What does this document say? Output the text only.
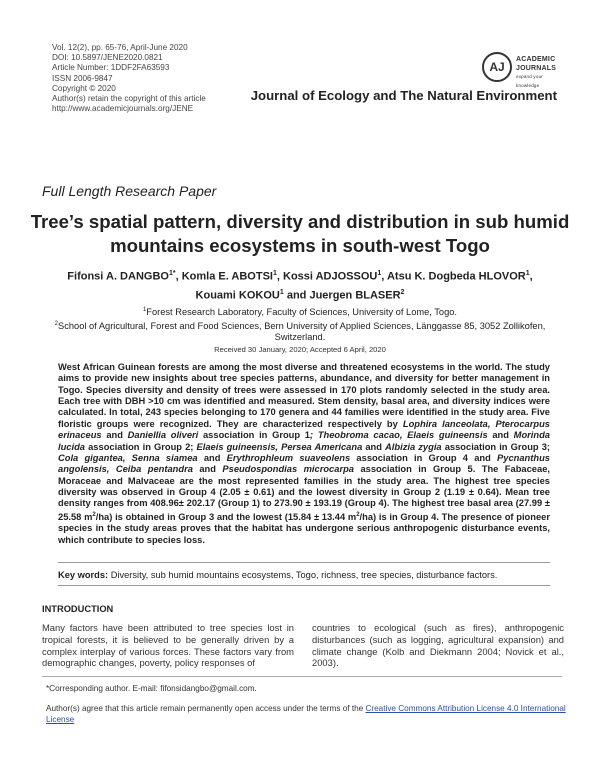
Vol. 12(2), pp. 65-76, April-June 2020
DOI: 10.5897/JENE2020.0821
Article Number: 1DDF2FA63593
ISSN 2006-9847
Copyright © 2020
Author(s) retain the copyright of this article
http://www.academicjournals.org/JENE
AJ
ACADEMIC
JOURNALS
expand your knowledge
Journal of Ecology and The Natural Environment
Full Length Research Paper
Tree’s spatial pattern, diversity and distribution in sub humid mountains ecosystems in south-west Togo
Fifonsi A. $DANGBO^{1*}$, Komla E. ABOTSI$^1$, Kossi ADJOSSOU$^1$, Atsu K. Dogbeda HLOVOR$^1$,
Kouami KOKOU$^1$ and Juergen BLASER$^2$
$^1$Forest Research Laboratory, Faculty of Sciences, University of Lome, Togo.
$^2$School of Agricultural, Forest and Food Sciences, Bern University of Applied Sciences, Länggasse 85, 3052 Zollikofen, Switzerland.
Received 30 January, 2020; Accepted 6 April, 2020
West African Guinean forests are among the most diverse and threatened ecosystems in the world. The study aims to provide new insights about tree species patterns, abundance, and diversity for better management in Togo. Species diversity and density of trees were assessed in 170 plots randomly selected in the study area. Each tree with DBH >10 cm was identified and measured. Stem density, basal area, and diversity indices were calculated. In total, 243 species belonging to 170 genera and 44 families were identified in the study area. Five floristic groups were recognized. They are characterized respectively by Lophira lanceolata, Pterocarpus erinaceus and Daniellia oliveri association in Group 1; Theobroma cacao, Elaeis guineensis and Morinda lucida association in Group 2; Elaeis guineensis, Persea Americana and Albizia zygia association in Group 3; Cola gigantea, Senna siamea and Erythrophleum suaveolens association in Group 4 and Pycnanthus angolensis, Ceiba pentandra and Pseudospondias microcarpa association in Group 5. The Fabaceae, Moraceae and Malvaceae are the most represented families in the study area. The highest tree species diversity was observed in Group 4 (2.05 ± 0.61) and the lowest diversity in Group 2 (1.19 ± 0.64). Mean tree density ranges from 408.96± 202.17 (Group 1) to 273.90 ± 193.19 (Group 4). The highest tree basal area (27.99 ± 25.58 $m^2/ha$) is obtained in Group 3 and the lowest (15.84 ± 13.44 $m^2/ha$) is in Group 4. The presence of pioneer species in the study areas proves that the habitat has undergone serious anthropogenic disturbance events, which contribute to species loss.
Key words: Diversity, sub humid mountains ecosystems, Togo, richness, tree species, disturbance factors.
INTRODUCTION
Many factors have been attributed to tree species lost in tropical forests, it is believed to be generally driven by a complex interplay of various forces. These factors vary from demographic changes, poverty, policy responses of
countries to ecological (such as fires), anthropogenic disturbances (such as logging, agricultural expansion) and climate change (Kolb and Diekmann 2004; Novick et al., 2003).
*Corresponding author. E-mail: fifonsidangbo@gmail.com.
Author(s) agree that this article remain permanently open access under the terms of the Creative Commons Attribution License 4.0 International License
